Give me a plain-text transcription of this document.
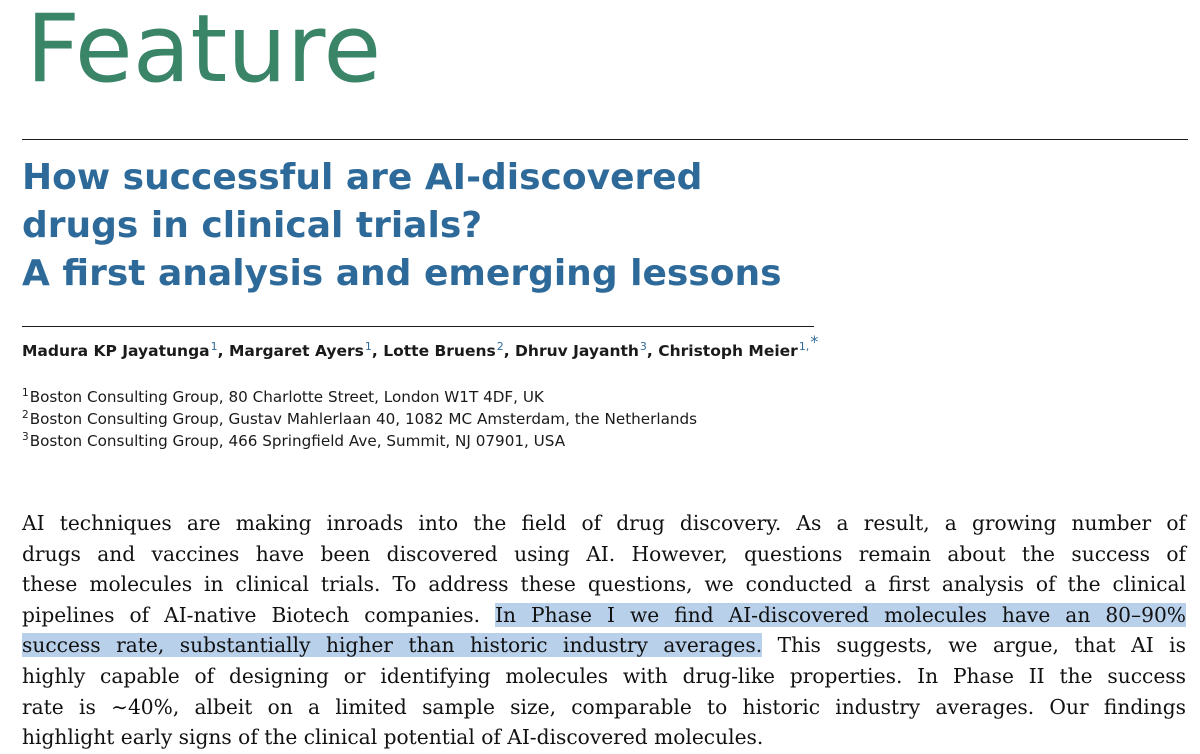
Feature
How successful are AI-discovered
drugs in clinical trials?
A first analysis and emerging lessons
Madura KP Jayatunga$^1$, Margaret Ayers$^1$, Lotte Bruens$^2$, Dhruv Jayanth$^3$, Christoph Meier$^{1,*}$
$^1$Boston Consulting Group, 80 Charlotte Street, London W1T 4DF, UK
$^2$Boston Consulting Group, Gustav Mahlerlaan 40, 1082 MC Amsterdam, the Netherlands
$^3$Boston Consulting Group, 466 Springfield Ave, Summit, NJ 07901, USA

AI techniques are making inroads into the field of drug discovery. As a result, a growing number of
drugs and vaccines have been discovered using AI. However, questions remain about the success of
these molecules in clinical trials. To address these questions, we conducted a first analysis of the clinical
pipelines of AI-native Biotech companies. In Phase I we find AI-discovered molecules have an 80–90%
success rate, substantially higher than historic industry averages. This suggests, we argue, that AI is
highly capable of designing or identifying molecules with drug-like properties. In Phase II the success
rate is ∼40%, albeit on a limited sample size, comparable to historic industry averages. Our findings
highlight early signs of the clinical potential of AI-discovered molecules.
